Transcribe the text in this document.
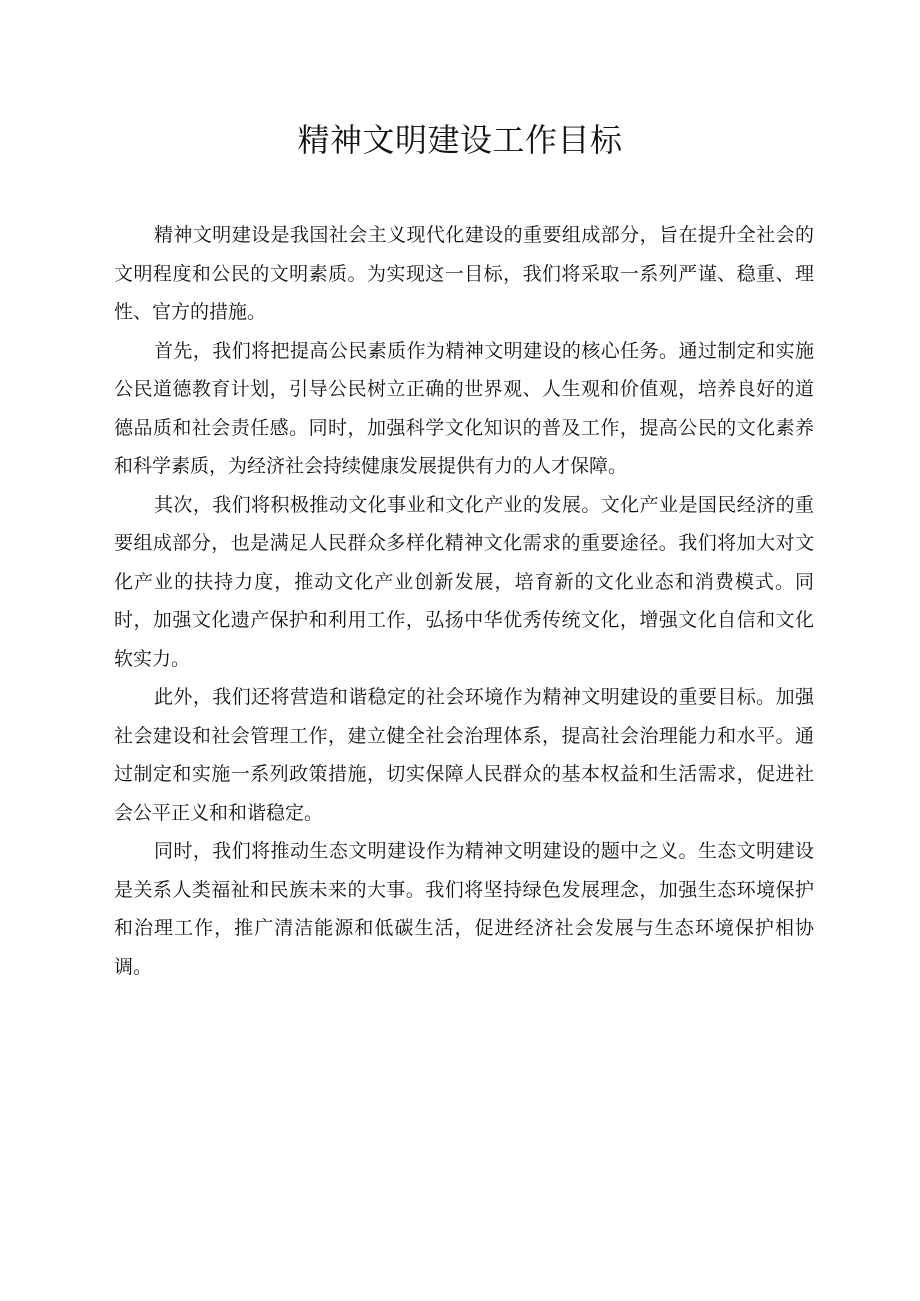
精神文明建设工作目标

精神文明建设是我国社会主义现代化建设的重要组成部分，旨在提升全社会的文明程度和公民的文明素质。为实现这一目标，我们将采取一系列严谨、稳重、理性、官方的措施。

首先，我们将把提高公民素质作为精神文明建设的核心任务。通过制定和实施公民道德教育计划，引导公民树立正确的世界观、人生观和价值观，培养良好的道德品质和社会责任感。同时，加强科学文化知识的普及工作，提高公民的文化素养和科学素质，为经济社会持续健康发展提供有力的人才保障。

其次，我们将积极推动文化事业和文化产业的发展。文化产业是国民经济的重要组成部分，也是满足人民群众多样化精神文化需求的重要途径。我们将加大对文化产业的扶持力度，推动文化产业创新发展，培育新的文化业态和消费模式。同时，加强文化遗产保护和利用工作，弘扬中华优秀传统文化，增强文化自信和文化软实力。

此外，我们还将营造和谐稳定的社会环境作为精神文明建设的重要目标。加强社会建设和社会管理工作，建立健全社会治理体系，提高社会治理能力和水平。通过制定和实施一系列政策措施，切实保障人民群众的基本权益和生活需求，促进社会公平正义和和谐稳定。

同时，我们将推动生态文明建设作为精神文明建设的题中之义。生态文明建设是关系人类福祉和民族未来的大事。我们将坚持绿色发展理念，加强生态环境保护和治理工作，推广清洁能源和低碳生活，促进经济社会发展与生态环境保护相协调。
